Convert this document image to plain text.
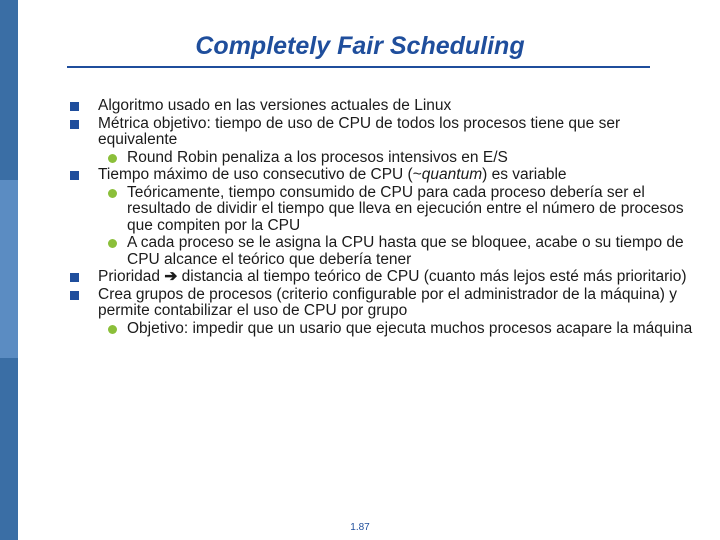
Completely Fair Scheduling
Algoritmo usado en las versiones actuales de Linux
Métrica objetivo: tiempo de uso de CPU de todos los procesos tiene que ser equivalente
Round Robin penaliza a los procesos intensivos en E/S
Tiempo máximo de uso consecutivo de CPU (~quantum) es variable
Teóricamente, tiempo consumido de CPU para cada proceso debería ser el resultado de dividir el tiempo que lleva en ejecución entre el número de procesos que compiten por la CPU
A cada proceso se le asigna la CPU hasta que se bloquee, acabe o su tiempo de CPU alcance el teórico que debería tener
Prioridad ➔ distancia al tiempo teórico de CPU (cuanto más lejos esté más prioritario)
Crea grupos de procesos (criterio configurable por el administrador de la máquina) y permite contabilizar el uso de CPU por grupo
Objetivo: impedir que un usario que ejecuta muchos procesos acapare la máquina
1.87
